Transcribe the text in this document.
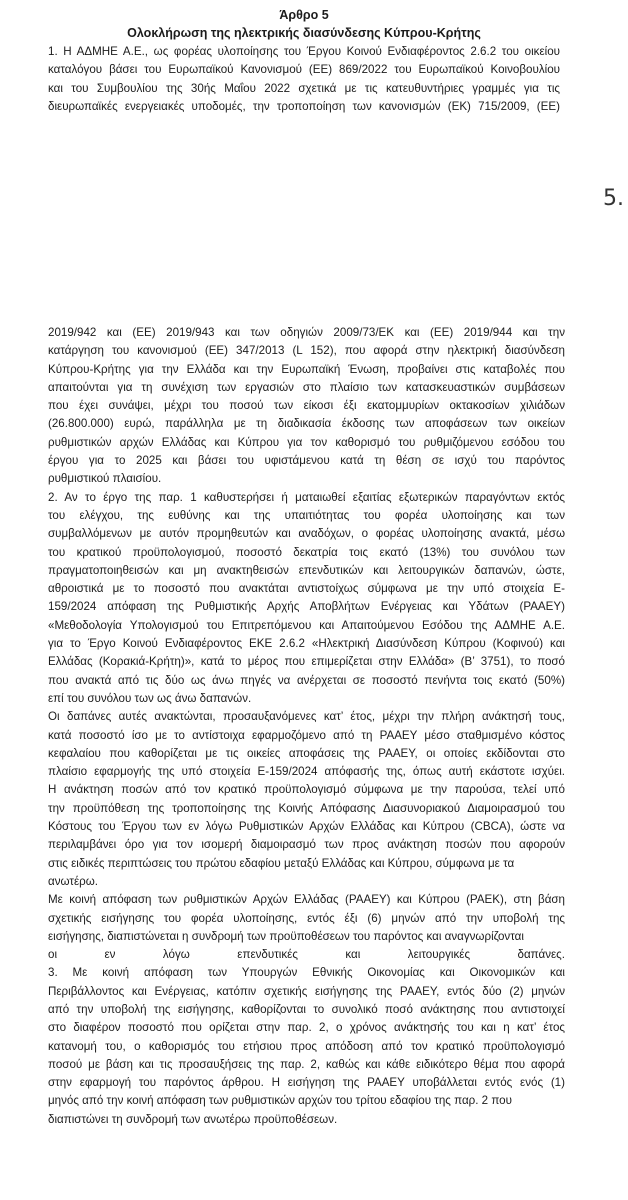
Άρθρο 5

Ολοκλήρωση της ηλεκτρικής διασύνδεσης Κύπρου-Κρήτης

1. Η ΑΔΜΗΕ Α.Ε., ως φορέας υλοποίησης του Έργου Κοινού Ενδιαφέροντος 2.6.2 του οικείου
καταλόγου βάσει του Ευρωπαϊκού Κανονισμού (ΕΕ) 869/2022 του Ευρωπαϊκού Κοινοβουλίου
και του Συμβουλίου της 30ής Μαΐου 2022 σχετικά με τις κατευθυντήριες γραμμές για τις
διευρωπαϊκές ενεργειακές υποδομές, την τροποποίηση των κανονισμών (ΕΚ) 715/2009, (ΕΕ)
5.
2019/942 και (ΕΕ) 2019/943 και των οδηγιών 2009/73/ΕΚ και (ΕΕ) 2019/944 και την
κατάργηση του κανονισμού (ΕΕ) 347/2013 (L 152), που αφορά στην ηλεκτρική διασύνδεση
Κύπρου-Κρήτης για την Ελλάδα και την Ευρωπαϊκή Ένωση, προβαίνει στις καταβολές που
απαιτούνται για τη συνέχιση των εργασιών στο πλαίσιο των κατασκευαστικών συμβάσεων
που έχει συνάψει, μέχρι του ποσού των είκοσι έξι εκατομμυρίων οκτακοσίων χιλιάδων
(26.800.000) ευρώ, παράλληλα με τη διαδικασία έκδοσης των αποφάσεων των οικείων
ρυθμιστικών αρχών Ελλάδας και Κύπρου για τον καθορισμό του ρυθμιζόμενου εσόδου του
έργου για το 2025 και βάσει του υφιστάμενου κατά τη θέση σε ισχύ του παρόντος
ρυθμιστικού πλαισίου.
2. Αν το έργο της παρ. 1 καθυστερήσει ή ματαιωθεί εξαιτίας εξωτερικών παραγόντων εκτός
του ελέγχου, της ευθύνης και της υπαιτιότητας του φορέα υλοποίησης και των
συμβαλλόμενων με αυτόν προμηθευτών και αναδόχων, ο φορέας υλοποίησης ανακτά, μέσω
του κρατικού προϋπολογισμού, ποσοστό δεκατρία τοις εκατό (13%) του συνόλου των
πραγματοποιηθεισών και μη ανακτηθεισών επενδυτικών και λειτουργικών δαπανών, ώστε,
αθροιστικά με το ποσοστό που ανακτάται αντιστοίχως σύμφωνα με την υπό στοιχεία Ε-
159/2024 απόφαση της Ρυθμιστικής Αρχής Αποβλήτων Ενέργειας και Υδάτων (ΡΑΑΕΥ)
«Μεθοδολογία Υπολογισμού του Επιτρεπόμενου και Απαιτούμενου Εσόδου της ΑΔΜΗΕ Α.Ε.
για το Έργο Κοινού Ενδιαφέροντος ΕΚΕ 2.6.2 «Ηλεκτρική Διασύνδεση Κύπρου (Κοφινού) και
Ελλάδας (Κορακιά-Κρήτη)», κατά το μέρος που επιμερίζεται στην Ελλάδα» (Β’ 3751), το ποσό
που ανακτά από τις δύο ως άνω πηγές να ανέρχεται σε ποσοστό πενήντα τοις εκατό (50%)
επί του συνόλου των ως άνω δαπανών.
Οι δαπάνες αυτές ανακτώνται, προσαυξανόμενες κατ’ έτος, μέχρι την πλήρη ανάκτησή τους,
κατά ποσοστό ίσο με το αντίστοιχα εφαρμοζόμενο από τη ΡΑΑΕΥ μέσο σταθμισμένο κόστος
κεφαλαίου που καθορίζεται με τις οικείες αποφάσεις της ΡΑΑΕΥ, οι οποίες εκδίδονται στο
πλαίσιο εφαρμογής της υπό στοιχεία Ε-159/2024 απόφασής της, όπως αυτή εκάστοτε ισχύει.
Η ανάκτηση ποσών από τον κρατικό προϋπολογισμό σύμφωνα με την παρούσα, τελεί υπό
την προϋπόθεση της τροποποίησης της Κοινής Απόφασης Διασυνοριακού Διαμοιρασμού του
Κόστους του Έργου των εν λόγω Ρυθμιστικών Αρχών Ελλάδας και Κύπρου (CBCA), ώστε να
περιλαμβάνει όρο για τον ισομερή διαμοιρασμό των προς ανάκτηση ποσών που αφορούν
στις ειδικές περιπτώσεις του πρώτου εδαφίου μεταξύ Ελλάδας και Κύπρου, σύμφωνα με τα
ανωτέρω.
Με κοινή απόφαση των ρυθμιστικών Αρχών Ελλάδας (ΡΑΑΕΥ) και Κύπρου (ΡΑΕΚ), στη βάση
σχετικής εισήγησης του φορέα υλοποίησης, εντός έξι (6) μηνών από την υποβολή της
εισήγησης, διαπιστώνεται η συνδρομή των προϋποθέσεων του παρόντος και αναγνωρίζονται
οι εν λόγω επενδυτικές και λειτουργικές δαπάνες.
3. Με κοινή απόφαση των Υπουργών Εθνικής Οικονομίας και Οικονομικών και
Περιβάλλοντος και Ενέργειας, κατόπιν σχετικής εισήγησης της ΡΑΑΕΥ, εντός δύο (2) μηνών
από την υποβολή της εισήγησης, καθορίζονται το συνολικό ποσό ανάκτησης που αντιστοιχεί
στο διαφέρον ποσοστό που ορίζεται στην παρ. 2, ο χρόνος ανάκτησής του και η κατ’ έτος
κατανομή του, ο καθορισμός του ετήσιου προς απόδοση από τον κρατικό προϋπολογισμό
ποσού με βάση και τις προσαυξήσεις της παρ. 2, καθώς και κάθε ειδικότερο θέμα που αφορά
στην εφαρμογή του παρόντος άρθρου. Η εισήγηση της ΡΑΑΕΥ υποβάλλεται εντός ενός (1)
μηνός από την κοινή απόφαση των ρυθμιστικών αρχών του τρίτου εδαφίου της παρ. 2 που
διαπιστώνει τη συνδρομή των ανωτέρω προϋποθέσεων.
